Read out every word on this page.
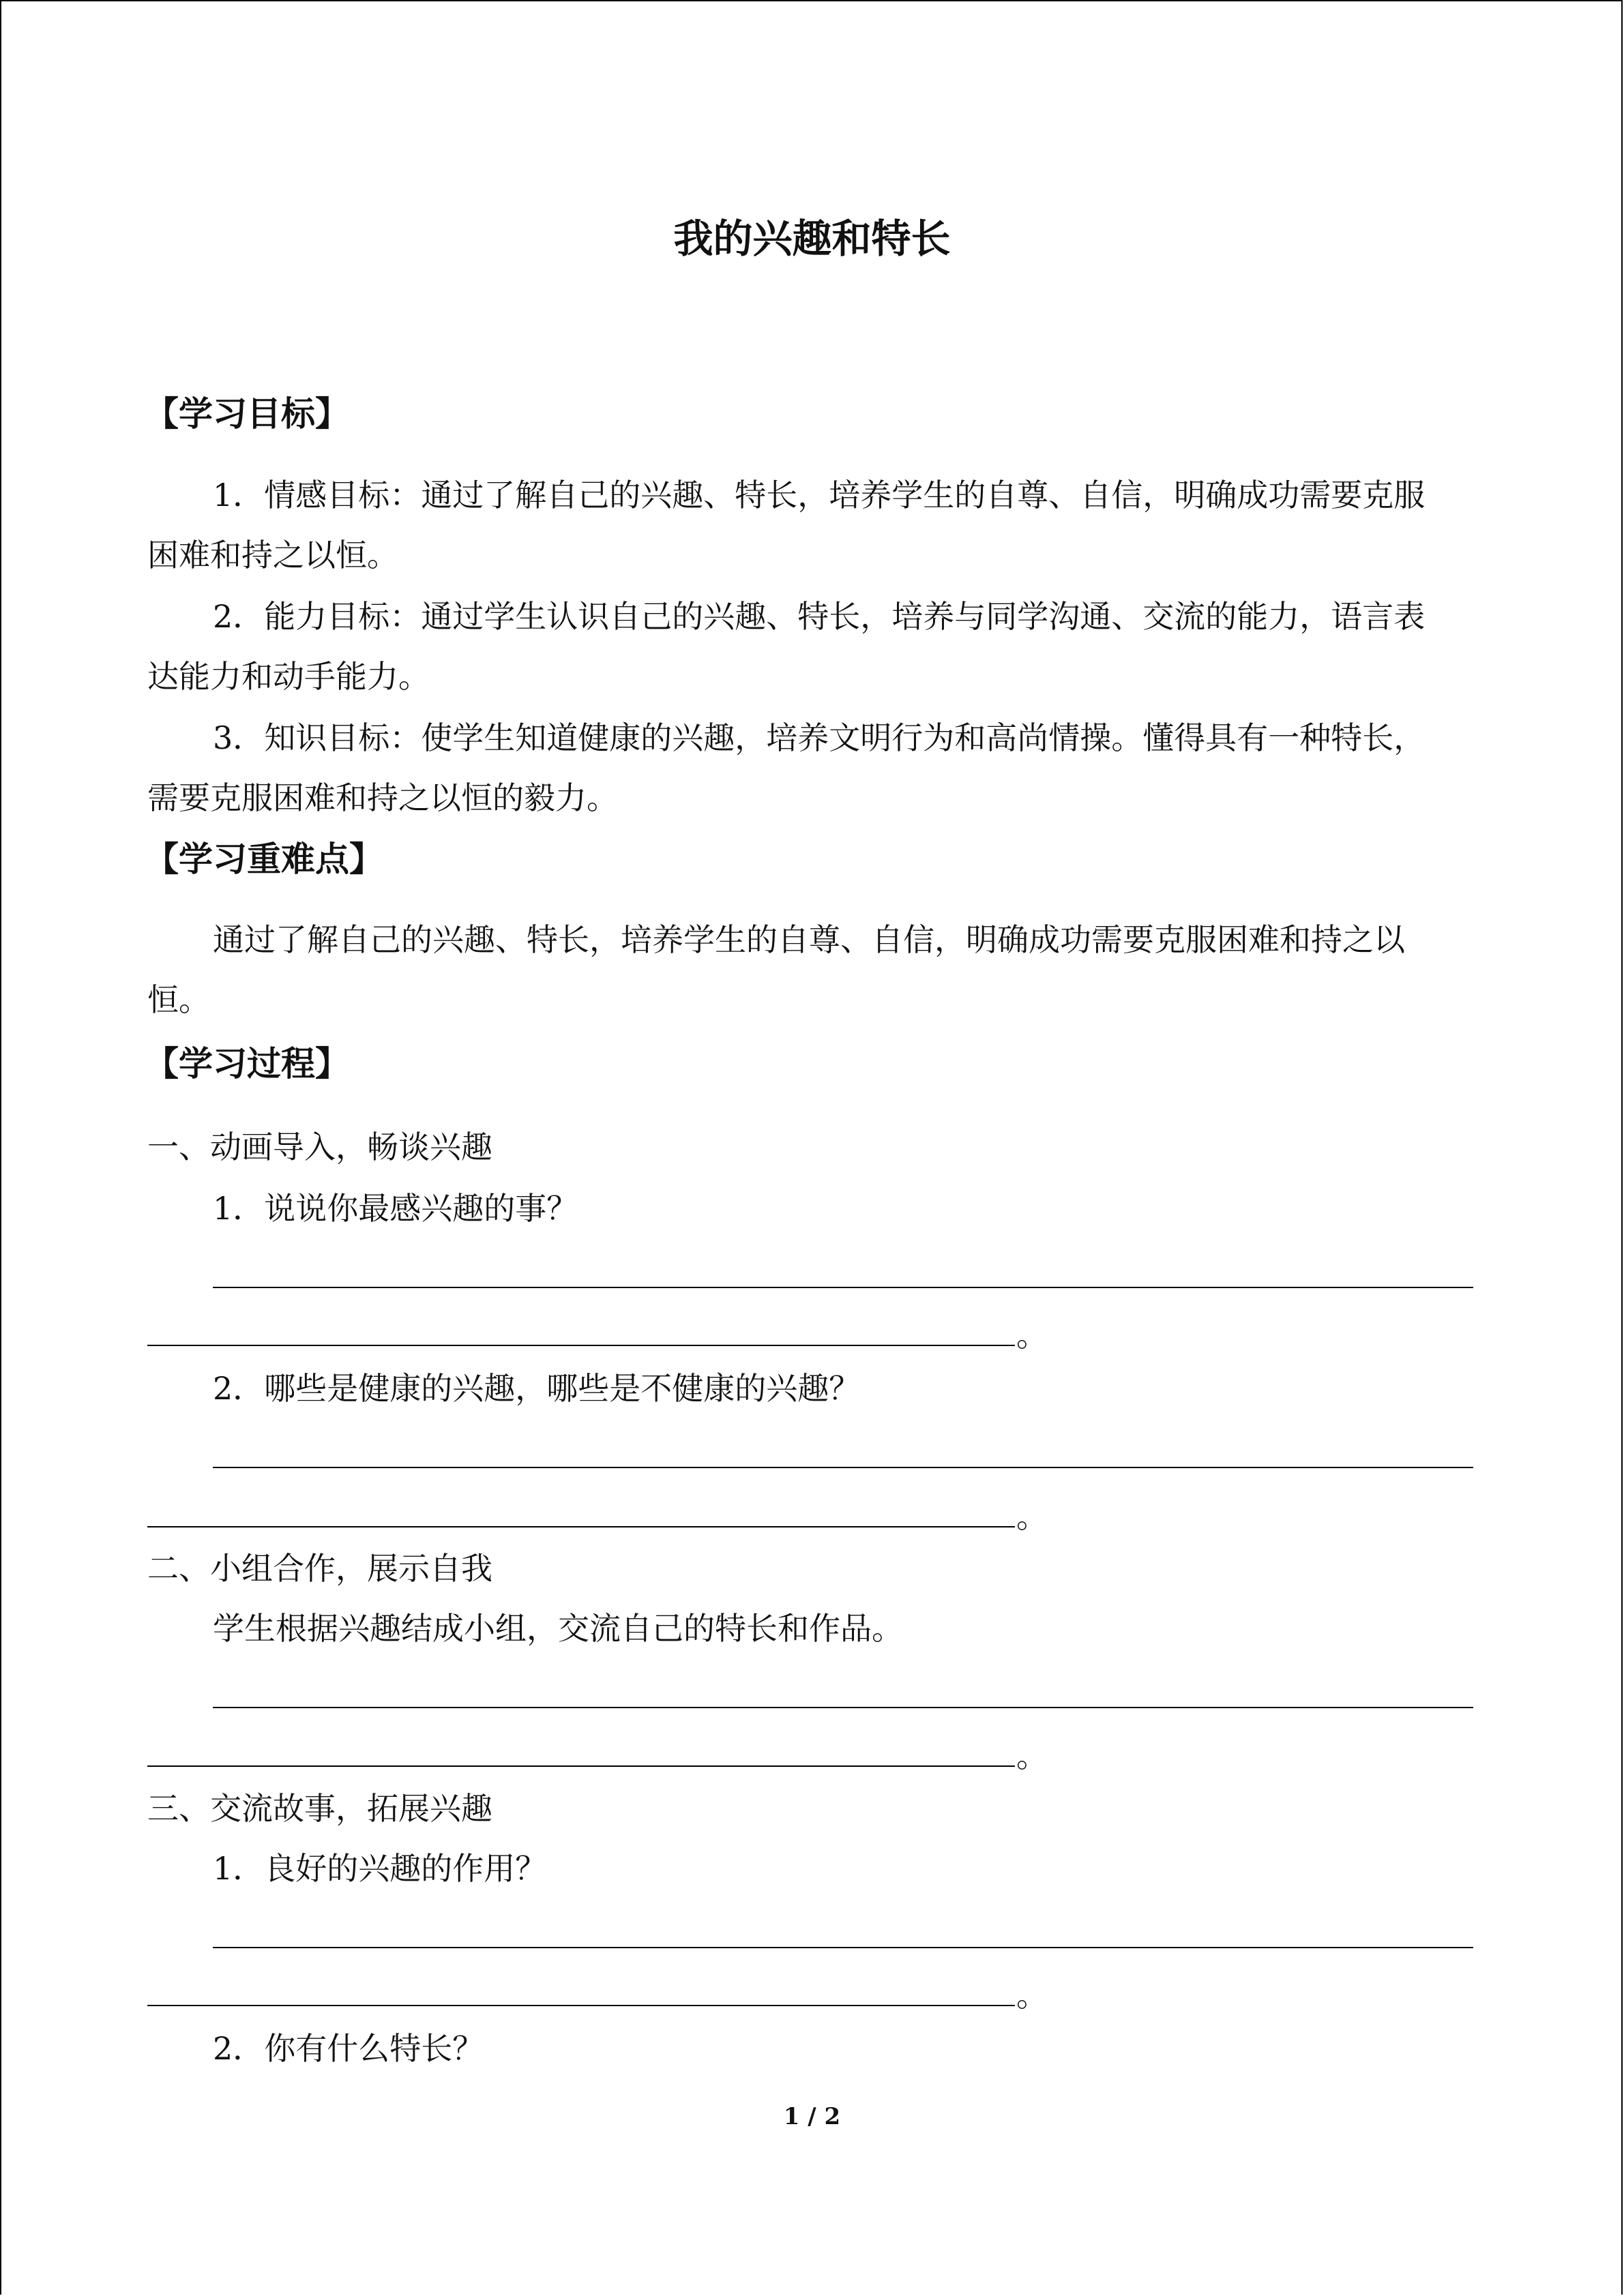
我的兴趣和特长
【学习目标】
1．情感目标：通过了解自己的兴趣、特长，培养学生的自尊、自信，明确成功需要克服
困难和持之以恒。
2．能力目标：通过学生认识自己的兴趣、特长，培养与同学沟通、交流的能力，语言表
达能力和动手能力。
3．知识目标：使学生知道健康的兴趣，培养文明行为和高尚情操。懂得具有一种特长，
需要克服困难和持之以恒的毅力。
【学习重难点】
通过了解自己的兴趣、特长，培养学生的自尊、自信，明确成功需要克服困难和持之以
恒。
【学习过程】
一、动画导入，畅谈兴趣
1．说说你最感兴趣的事？
。
2．哪些是健康的兴趣，哪些是不健康的兴趣？
。
二、小组合作，展示自我
学生根据兴趣结成小组，交流自己的特长和作品。
。
三、交流故事，拓展兴趣
1．良好的兴趣的作用？
。
2．你有什么特长？
1 / 2
